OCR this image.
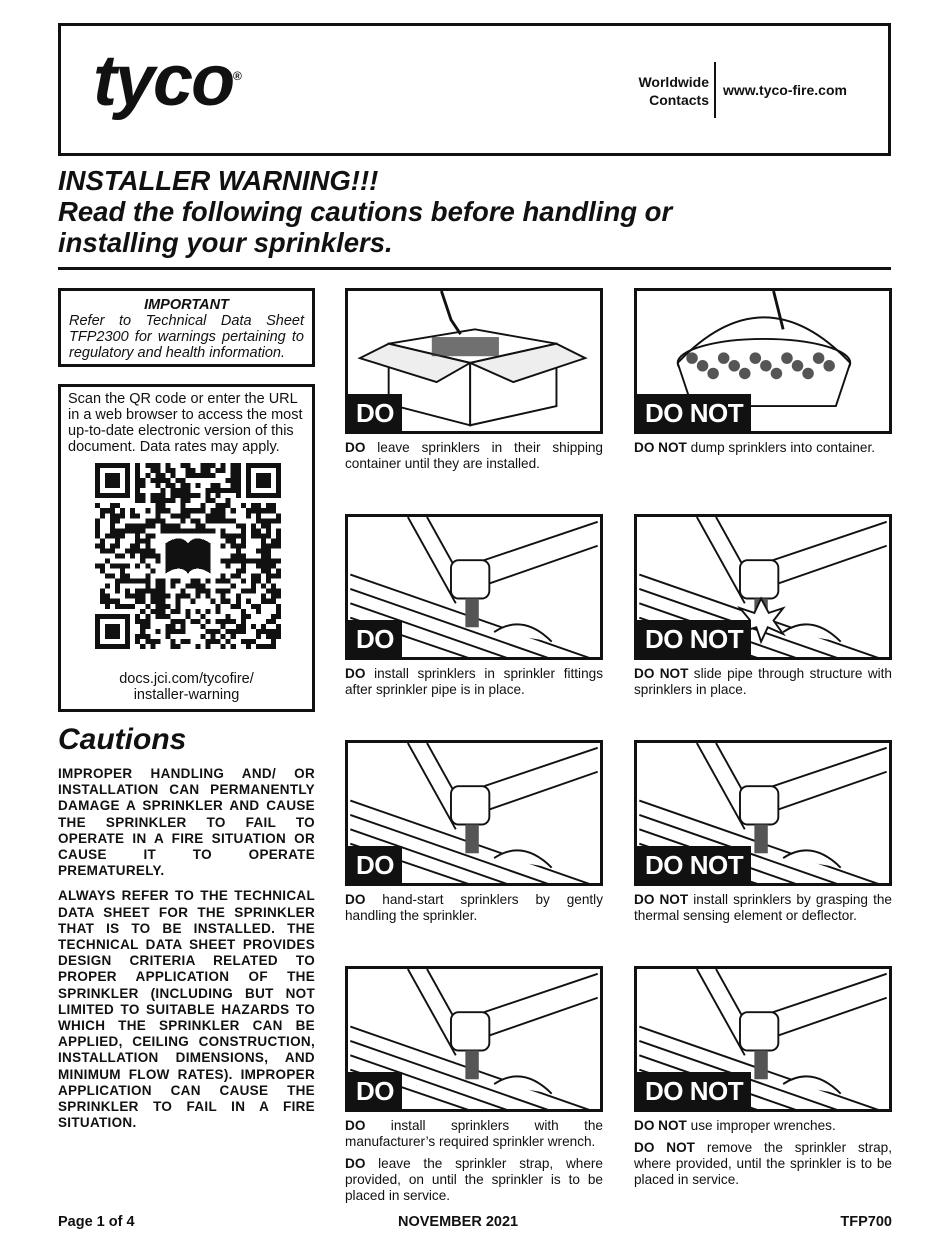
tyco®	Worldwide
Contacts
www.tyco-fire.com
INSTALLER WARNING!!!
Read the following cautions before handling or
installing your sprinklers.
IMPORTANT
Refer to Technical Data Sheet TFP2300 for warnings pertaining to regulatory and health information.
Scan the QR code or enter the URL in a web browser to access the most up-to-date electronic version of this document. Data rates may apply.
docs.jci.com/tycofire/
installer-warning
Cautions

IMPROPER HANDLING AND/ OR INSTALLATION CAN PERMANENTLY DAMAGE A SPRINKLER AND CAUSE THE SPRINKLER TO FAIL TO OPERATE IN A FIRE SITUATION OR CAUSE IT TO OPERATE PREMATURELY.

ALWAYS REFER TO THE TECHNICAL DATA SHEET FOR THE SPRINKLER THAT IS TO BE INSTALLED. THE TECHNICAL DATA SHEET PROVIDES DESIGN CRITERIA RELATED TO PROPER APPLICATION OF THE SPRINKLER (INCLUDING BUT NOT LIMITED TO SUITABLE HAZARDS TO WHICH THE SPRINKLER CAN BE APPLIED, CEILING CONSTRUCTION, INSTALLATION DIMENSIONS, AND MINIMUM FLOW RATES). IMPROPER APPLICATION CAN CAUSE THE SPRINKLER TO FAIL IN A FIRE SITUATION.

DO

DO leave sprinklers in their shipping container until they are installed.

DO NOT

DO NOT dump sprinklers into container.

DO

DO install sprinklers in sprinkler fittings after sprinkler pipe is in place.

DO NOT

DO NOT slide pipe through structure with sprinklers in place.

DO

DO hand-start sprinklers by gently handling the sprinkler.

DO NOT

DO NOT install sprinklers by grasping the thermal sensing element or deflector.

DO

DO install sprinklers with the manufacturer’s required sprinkler wrench.

DO leave the sprinkler strap, where provided, on until the sprinkler is to be placed in service.

DO NOT

DO NOT use improper wrenches.

DO NOT remove the sprinkler strap, where provided, until the sprinkler is to be placed in service.

Page 1 of 4	NOVEMBER 2021	TFP700
